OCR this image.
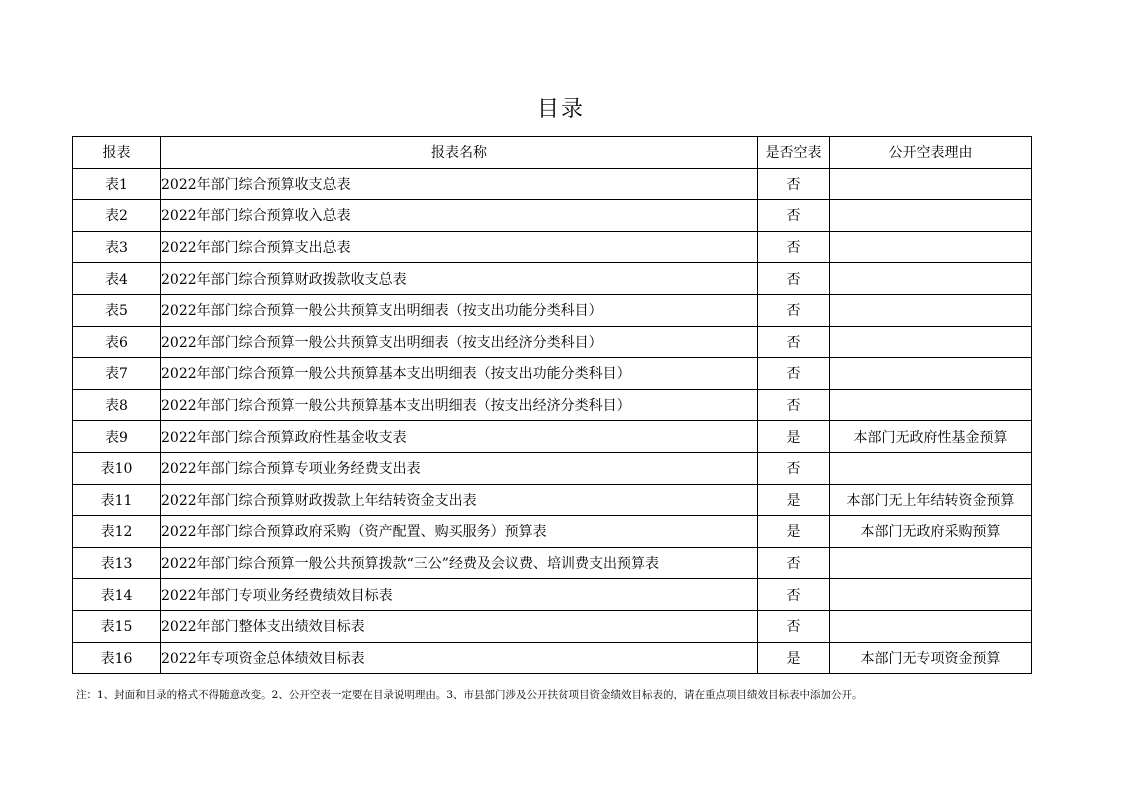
目录
报表	报表名称	是否空表	公开空表理由
表1	2022年部门综合预算收支总表	否	
表2	2022年部门综合预算收入总表	否	
表3	2022年部门综合预算支出总表	否	
表4	2022年部门综合预算财政拨款收支总表	否	
表5	2022年部门综合预算一般公共预算支出明细表（按支出功能分类科目）	否	
表6	2022年部门综合预算一般公共预算支出明细表（按支出经济分类科目）	否	
表7	2022年部门综合预算一般公共预算基本支出明细表（按支出功能分类科目）	否	
表8	2022年部门综合预算一般公共预算基本支出明细表（按支出经济分类科目）	否	
表9	2022年部门综合预算政府性基金收支表	是	本部门无政府性基金预算
表10	2022年部门综合预算专项业务经费支出表	否	
表11	2022年部门综合预算财政拨款上年结转资金支出表	是	本部门无上年结转资金预算
表12	2022年部门综合预算政府采购（资产配置、购买服务）预算表	是	本部门无政府采购预算
表13	2022年部门综合预算一般公共预算拨款“三公”经费及会议费、培训费支出预算表	否	
表14	2022年部门专项业务经费绩效目标表	否	
表15	2022年部门整体支出绩效目标表	否	
表16	2022年专项资金总体绩效目标表	是	本部门无专项资金预算
注：1、封面和目录的格式不得随意改变。2、公开空表一定要在目录说明理由。3、市县部门涉及公开扶贫项目资金绩效目标表的，请在重点项目绩效目标表中添加公开。
